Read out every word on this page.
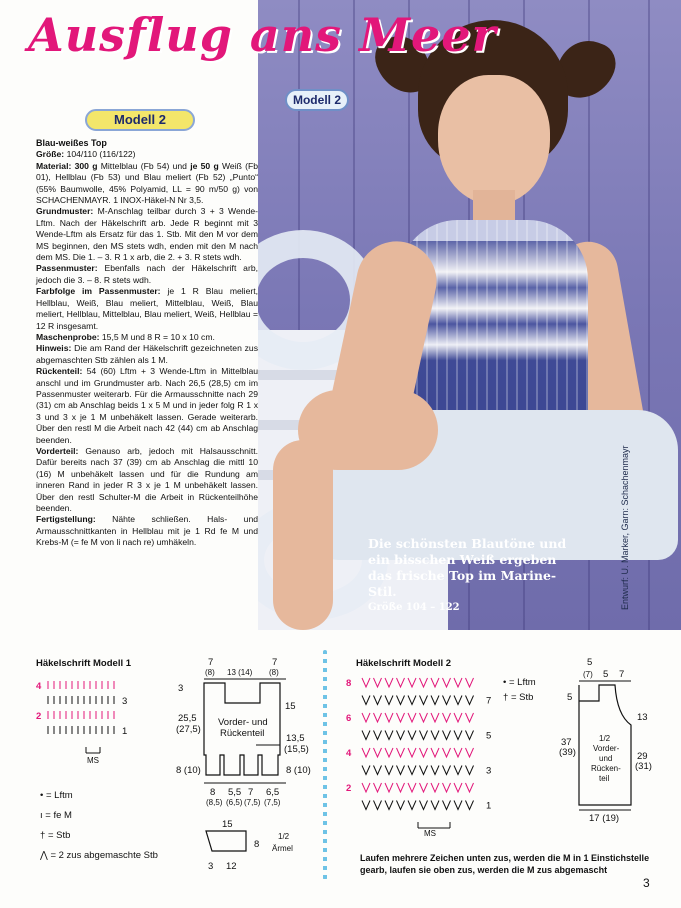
Ausflug ans Meer
Modell 2
Modell 2
Die schönsten Blautöne und
ein bisschen Weiß ergeben
das frische Top im Marine-Stil.
Größe 104 – 122	Entwurf: U. Marker, Garn: Schachenmayr

Blau-weißes Top

Größe: 104/110 (116/122)

Material: 300 g Mittelblau (Fb 54) und je 50 g Weiß (Fb 01), Hellblau (Fb 53) und Blau meliert (Fb 52) „Punto“ (55% Baumwolle, 45% Polyamid, LL = 90 m/50 g) von SCHACHENMAYR. 1 INOX-Häkel-N Nr 3,5.

Grundmuster: M-Anschlag teilbar durch 3 + 3 Wende-Lftm. Nach der Häkelschrift arb. Jede R beginnt mit 3 Wende-Lftm als Ersatz für das 1. Stb. Mit den M vor dem MS beginnen, den MS stets wdh, enden mit den M nach dem MS. Die 1. – 3. R 1 x arb, die 2. + 3. R stets wdh.

Passenmuster: Ebenfalls nach der Häkelschrift arb, jedoch die 3. – 8. R stets wdh.

Farbfolge im Passenmuster: je 1 R Blau meliert, Hellblau, Weiß, Blau meliert, Mittelblau, Weiß, Blau meliert, Hellblau, Mittelblau, Blau meliert, Weiß, Hellblau = 12 R insgesamt.

Maschenprobe: 15,5 M und 8 R = 10 x 10 cm.

Hinweis: Die am Rand der Häkelschrift gezeichneten zus abgemaschten Stb zählen als 1 M.

Rückenteil: 54 (60) Lftm + 3 Wende-Lftm in Mittelblau anschl und im Grundmuster arb. Nach 26,5 (28,5) cm im Passenmuster weiterarb. Für die Armausschnitte nach 29 (31) cm ab Anschlag beids 1 x 5 M und in jeder folg R 1 x 3 und 3 x je 1 M unbehäkelt lassen. Gerade weiterarb. Über den restl M die Arbeit nach 42 (44) cm ab Anschlag beenden.

Vorderteil: Genauso arb, jedoch mit Halsausschnitt. Dafür bereits nach 37 (39) cm ab Anschlag die mittl 10 (16) M unbehäkelt lassen und für die Rundung am inneren Rand in jeder R 3 x je 1 M unbehäkelt lassen. Über den restl Schulter-M die Arbeit in Rückenteilhöhe beenden.

Fertigstellung: Nähte schließen. Hals- und Armausschnittkanten in Hellblau mit je 1 Rd fe M und Krebs-M (= fe M von li nach re) umhäkeln.

Häkelschrift Modell 1
4
3
2
1
MS
• = Lftm
ı = fe M
† = Stb
⋀ = 2 zus abgemaschte Stb
7
(8) 13 (14)
7
(8)
3
25,5
(27,5)
15
Vorder- und
Rückenteil 13,5
(15,5)
8 (10)	8 (10)
8
(8,5)
5,5
(6,5)
7
(7,5)
6,5
(7,5)
15
8
1/2
Ärmel
3 12
Häkelschrift Modell 2
8
7
6
5
4
3
2
1
MS
• = Lftm
† = Stb
5
(7) 5 7
5
13
37
(39)
1/2
Vorder-
und
Rücken-
teil
29
(31)
17 (19)
Laufen mehrere Zeichen unten zus, werden die M in 1 Einstichstelle gearb, laufen sie oben zus, werden die M zus abgemascht
3
